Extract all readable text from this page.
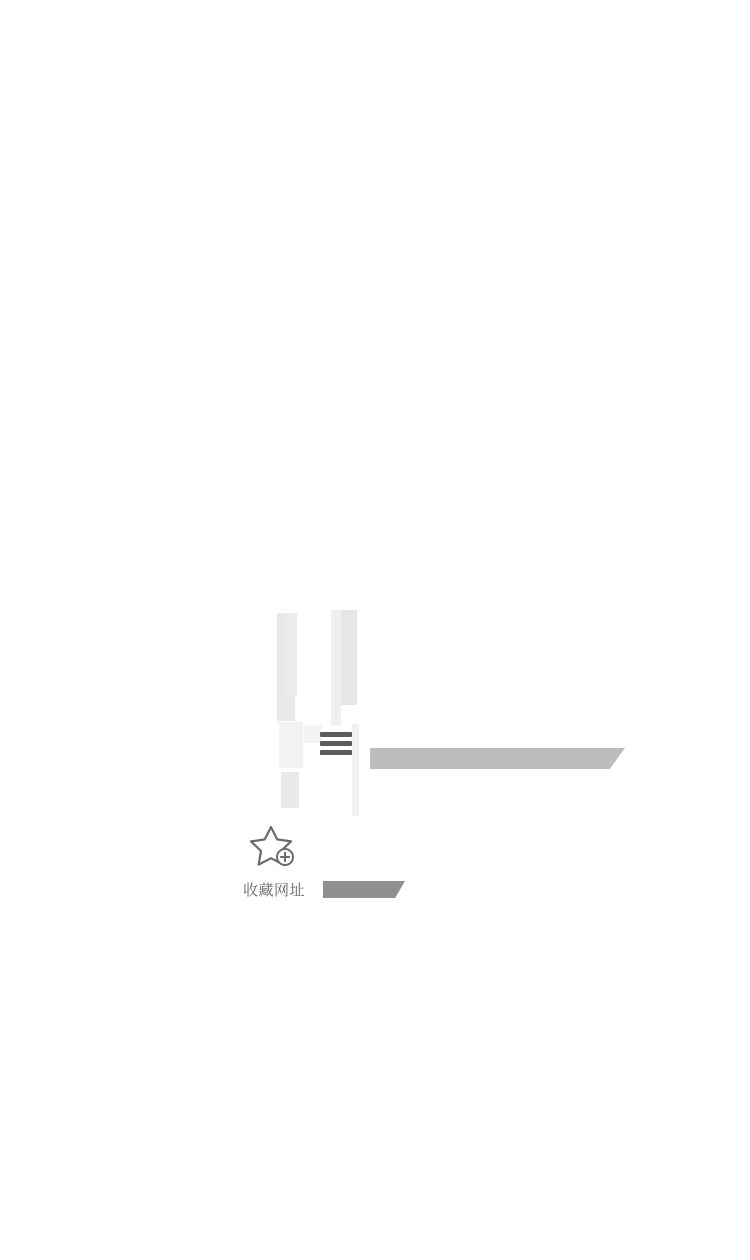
收藏网址
